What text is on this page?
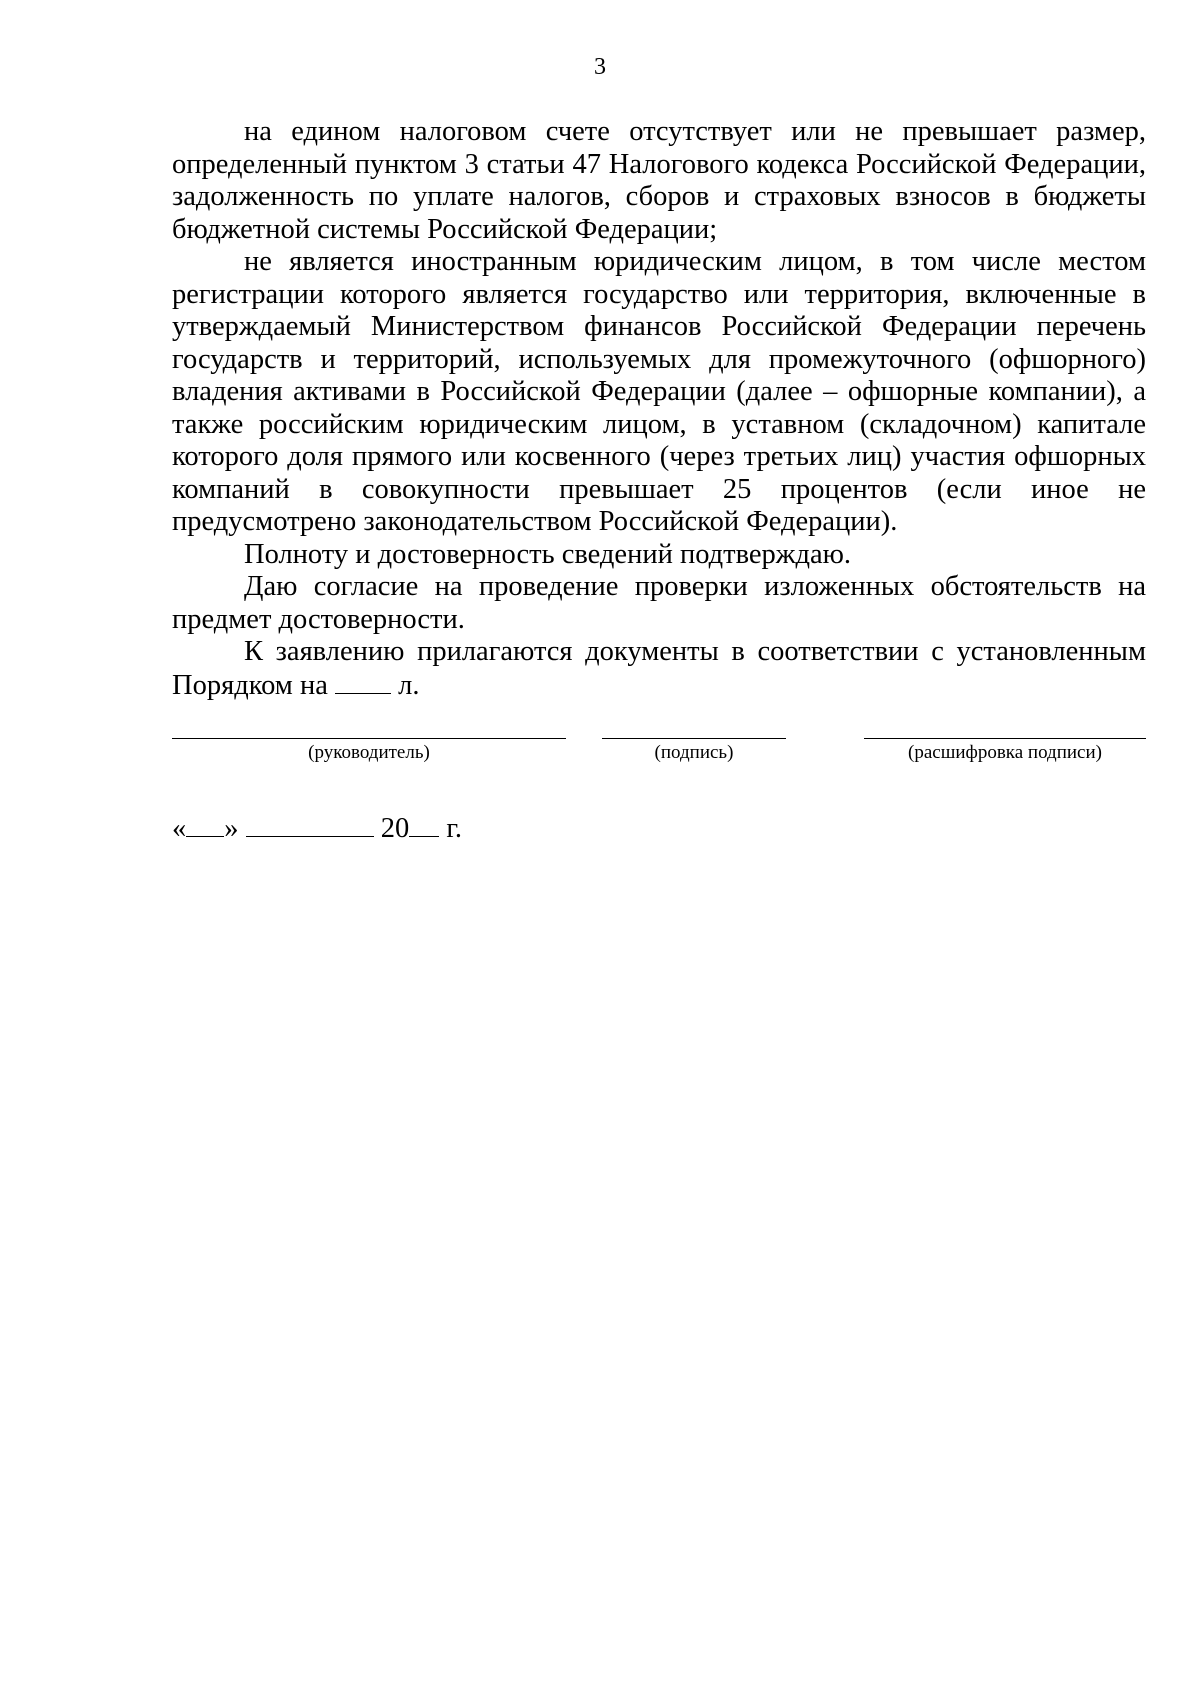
3

на едином налоговом счете отсутствует или не превышает размер, определенный пунктом 3 статьи 47 Налогового кодекса Российской Федерации, задолженность по уплате налогов, сборов и страховых взносов в бюджеты бюджетной системы Российской Федерации;

не является иностранным юридическим лицом, в том числе местом регистрации которого является государство или территория, включенные в утверждаемый Министерством финансов Российской Федерации перечень государств и территорий, используемых для промежуточного (офшорного) владения активами в Российской Федерации (далее – офшорные компании), а также российским юридическим лицом, в уставном (складочном) капитале которого доля прямого или косвенного (через третьих лиц) участия офшорных компаний в совокупности превышает 25 процентов (если иное не предусмотрено законодательством Российской Федерации).

Полноту и достоверность сведений подтверждаю.

Даю согласие на проведение проверки изложенных обстоятельств на предмет достоверности.

К заявлению прилагаются документы в соответствии с установленным Порядком на л.

(руководитель)	(подпись)	(расшифровка подписи)
« »	20 г.
